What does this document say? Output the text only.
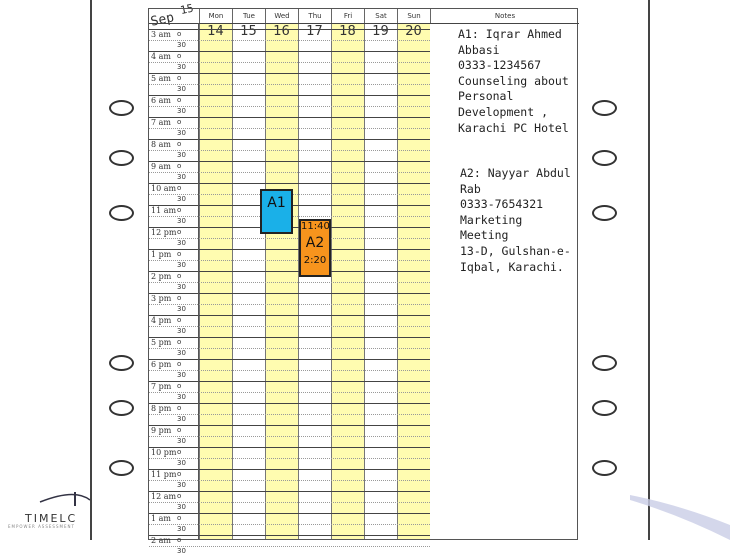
Sep $^{15}$	Mon
14
Tue
15
Wed
16
Thu
17
Fri
18
Sat
19
Sun
20
Notes
3 am o
30
4 am o
30
5 am o
30
6 am o
30
7 am o
30
8 am o
30
9 am o
30
10 am o
30
11 am o
30
12 pm o
30
1 pm o
30
2 pm o
30
3 pm o
30
4 pm o
30
5 pm o
30
6 pm o
30
7 pm o
30
8 pm o
30
9 pm o
30
10 pm o
30
11 pm o
30
12 am o
30
1 am o
30
2 am o
30
A1
11:40
A2
2:20
A1: Iqrar Ahmed
Abbasi
0333-1234567
Counseling about
Personal
Development ,
Karachi PC Hotel
A2: Nayyar Abdul
Rab
0333-7654321
Marketing
Meeting
13-D, Gulshan-e-
Iqbal, Karachi.
TIMELC
EMPOWER ASSESSMENT
